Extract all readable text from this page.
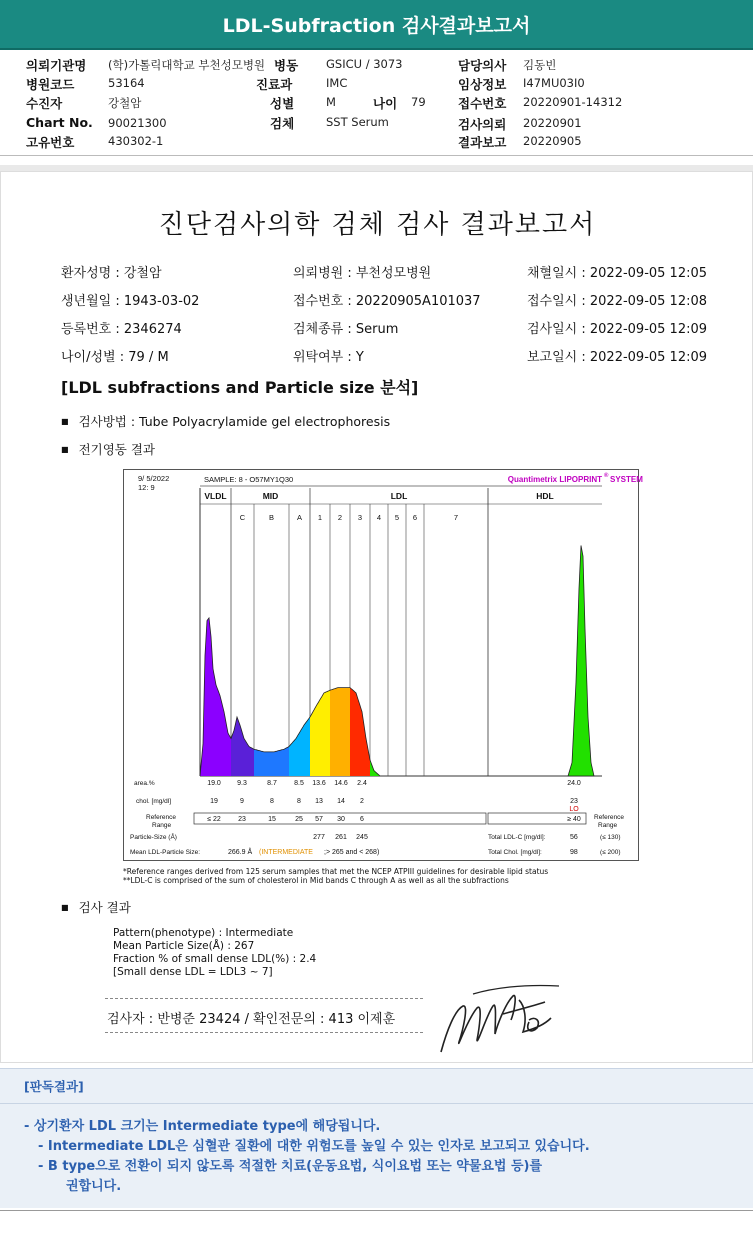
LDL-Subfraction 검사결과보고서
의뢰기관명 (학)가톨릭대학교 부천성모병원 병동 GSICU / 3073	담당의사 김동빈
병원코드	53164	진료과	IMC	임상정보 I47MU03I0
수진자	강철암	성별	M	나이 79	접수번호 20220901-14312
Chart No. 90021300	검체	SST Serum	검사의뢰 20220901
고유번호	430302-1	결과보고 20220905
진단검사의학 검체 검사 결과보고서
환자성명 : 강철암	의뢰병원 : 부천성모병원	채혈일시 : 2022-09-05 12:05
생년월일 : 1943-03-02	접수번호 : 20220905A101037	접수일시 : 2022-09-05 12:08
등록번호 : 2346274	검체종류 : Serum	검사일시 : 2022-09-05 12:09
나이/성별 : 79 / M	위탁여부 : Y	보고일시 : 2022-09-05 12:09
[LDL subfractions and Particle size 분석]
■ 검사방법 : Tube Polyacrylamide gel electrophoresis
■ 전기영동 결과
9/ 5/2022
12: 9
SAMPLE: 8 - O57MY1Q30	Quantimetrix LIPOPRINT ® SYSTEM
VLDL	MID	LDL	HDL
C	B	A 1 2 3 4 5 6	7
area.%	19.0 9.3	8.7 8.5 13.6 14.6 2.4	24.0
chol. [mg/dl]	19	9	8	8 13 14 2	23
LO
Reference
Range
≤ 22 23	15	25 57 30 6	≥ 40 Reference
Range
Particle-Size (Å)	277 261 245
Mean LDL-Particle Size:	266.9 Å (INTERMEDIATE ;> 265 and < 268)
Total LDL-C [mg/dl]:	56	(≤ 130)
Total Chol. [mg/dl]:	98	(≤ 200)
*Reference ranges derived from 125 serum samples that met the NCEP ATPIII guidelines for desirable lipid status
**LDL-C is comprised of the sum of cholesterol in Mid bands C through A as well as all the subfractions
■ 검사 결과
Pattern(phenotype) : Intermediate
Mean Particle Size(Å) : 267
Fraction % of small dense LDL(%) : 2.4
[Small dense LDL = LDL3 ~ 7]
검사자 : 반병준 23424 / 확인전문의 : 413 이제훈
[판독결과]
- 상기환자 LDL 크기는 Intermediate type에 해당됩니다.
- Intermediate LDL은 심혈관 질환에 대한 위험도를 높일 수 있는 인자로 보고되고 있습니다.
- B type으로 전환이 되지 않도록 적절한 치료(운동요법, 식이요법 또는 약물요법 등)를
권합니다.
